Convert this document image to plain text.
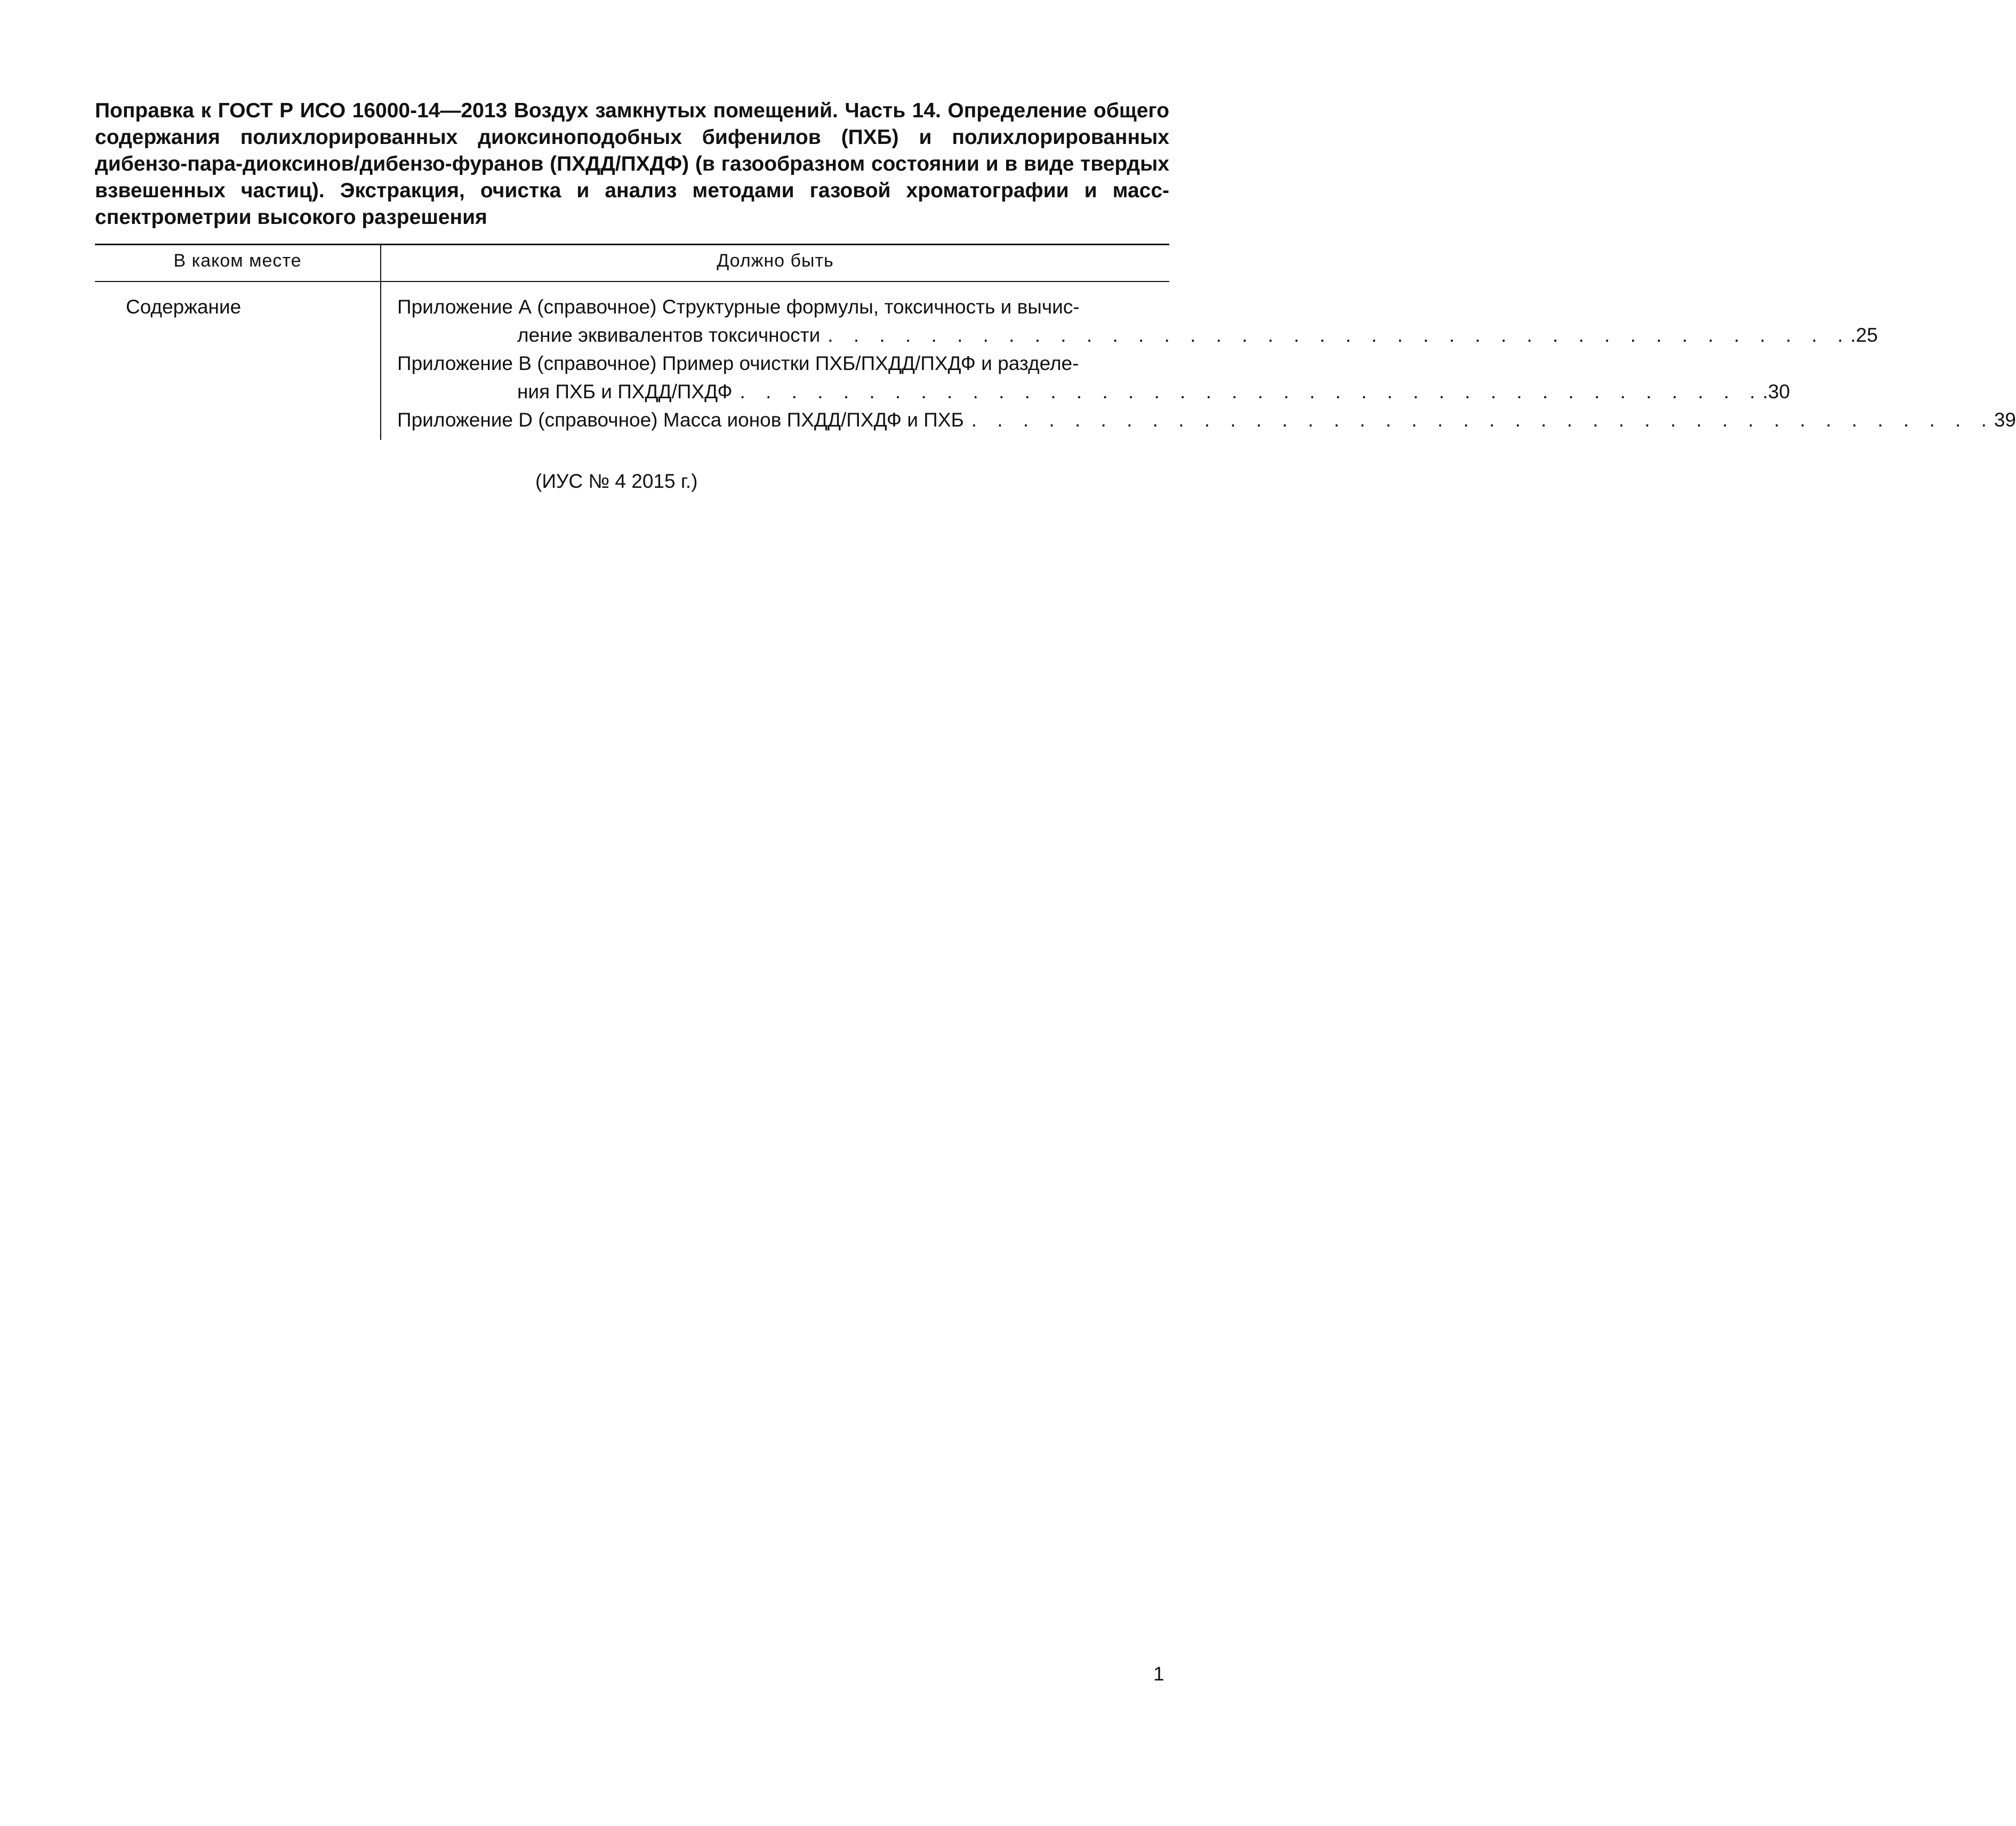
Поправка к ГОСТ Р ИСО 16000-14—2013 Воздух замкнутых помещений. Часть 14. Определение общего содержания полихлорированных диоксиноподобных бифенилов (ПХБ) и полихлорированных дибензо-пара-диоксинов/дибензо-фуранов (ПХДД/ПХДФ) (в газообразном состоянии и в виде твердых взвешенных частиц). Экстракция, очистка и анализ методами газовой хроматографии и масс-спектрометрии высокого разрешения

В каком месте	Должно быть
Содержание	Приложение А (справочное) Структурные формулы, токсичность и вычис-
ление эквивалентов токсичности . . . . . . . . . . . . . . . . . . . . . . . . . . . . . . . . . . . . . . . . .25
Приложение В (справочное) Пример очистки ПХБ/ПХДД/ПХДФ и разделе-
ния ПХБ и ПХДД/ПХДФ . . . . . . . . . . . . . . . . . . . . . . . . . . . . . . . . . . . . . . . . .30
Приложение D (справочное) Масса ионов ПХДД/ПХДФ и ПХБ . . . . . . . . . . . . . . . . . . . . . . . . . . . . . . . . . . . . . . . . 39
(ИУС № 4 2015 г.)
1
